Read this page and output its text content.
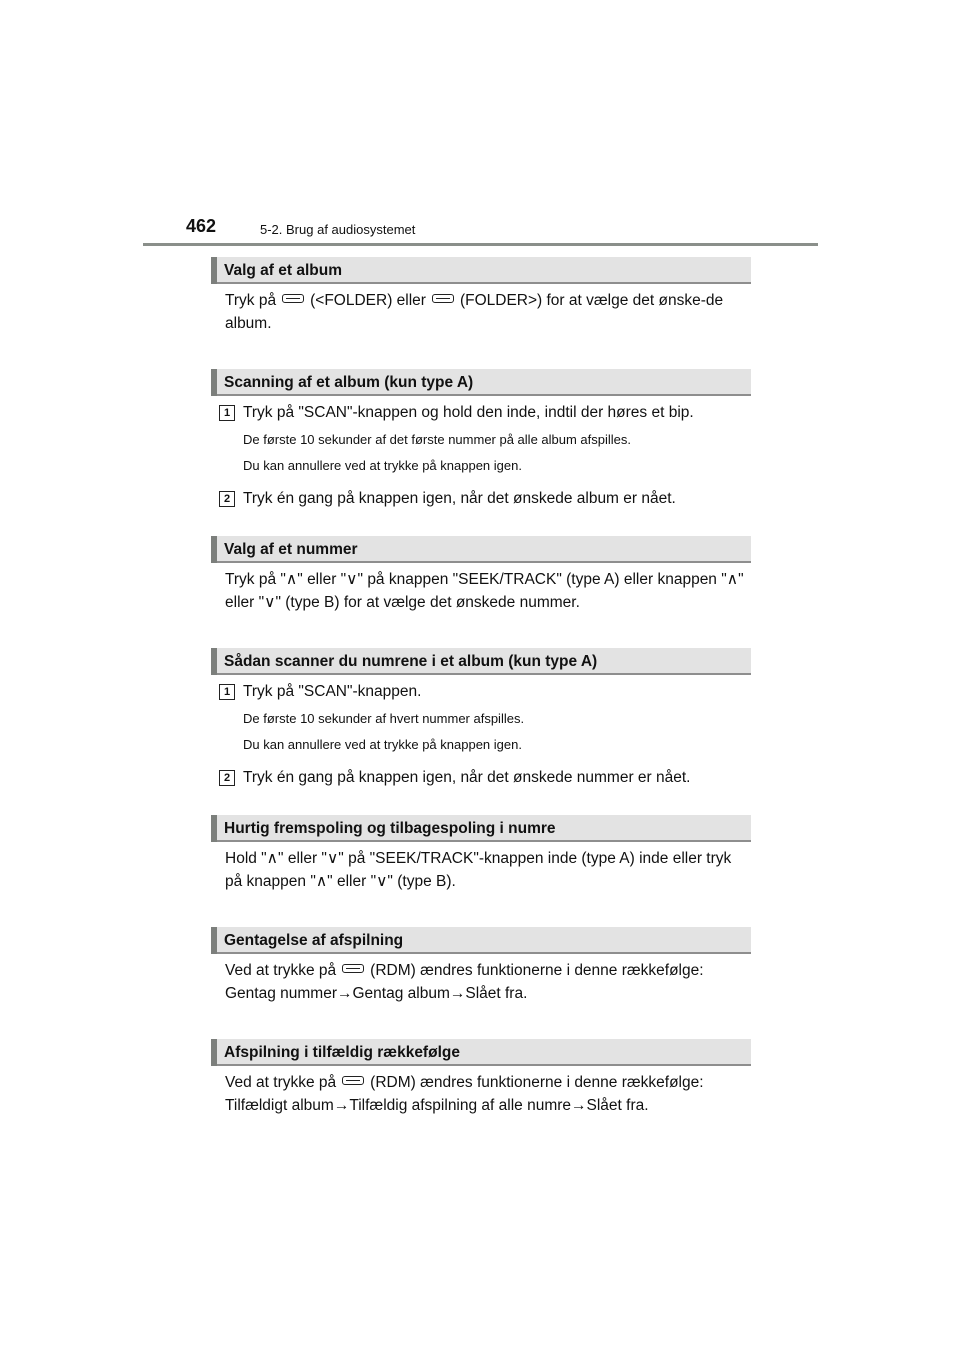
462	5-2. Brug af audiosystemet
Valg af et album
Tryk på (<FOLDER) eller (FOLDER>) for at vælge det ønske-de album.
Scanning af et album (kun type A)
1 Tryk på "SCAN"-knappen og hold den inde, indtil der høres et bip.
De første 10 sekunder af det første nummer på alle album afspilles.
Du kan annullere ved at trykke på knappen igen.
2 Tryk én gang på knappen igen, når det ønskede album er nået.
Valg af et nummer
Tryk på "∧" eller "∨" på knappen "SEEK/TRACK" (type A) eller knappen "∧" eller "∨" (type B) for at vælge det ønskede nummer.
Sådan scanner du numrene i et album (kun type A)
1 Tryk på "SCAN"-knappen.
De første 10 sekunder af hvert nummer afspilles.
Du kan annullere ved at trykke på knappen igen.
2 Tryk én gang på knappen igen, når det ønskede nummer er nået.
Hurtig fremspoling og tilbagespoling i numre
Hold "∧" eller "∨" på "SEEK/TRACK"-knappen inde (type A) inde eller tryk på knappen "∧" eller "∨" (type B).
Gentagelse af afspilning
Ved at trykke på (RDM) ændres funktionerne i denne rækkefølge: Gentag nummer→Gentag album→Slået fra.
Afspilning i tilfældig rækkefølge
Ved at trykke på (RDM) ændres funktionerne i denne rækkefølge: Tilfældigt album→Tilfældig afspilning af alle numre→Slået fra.
